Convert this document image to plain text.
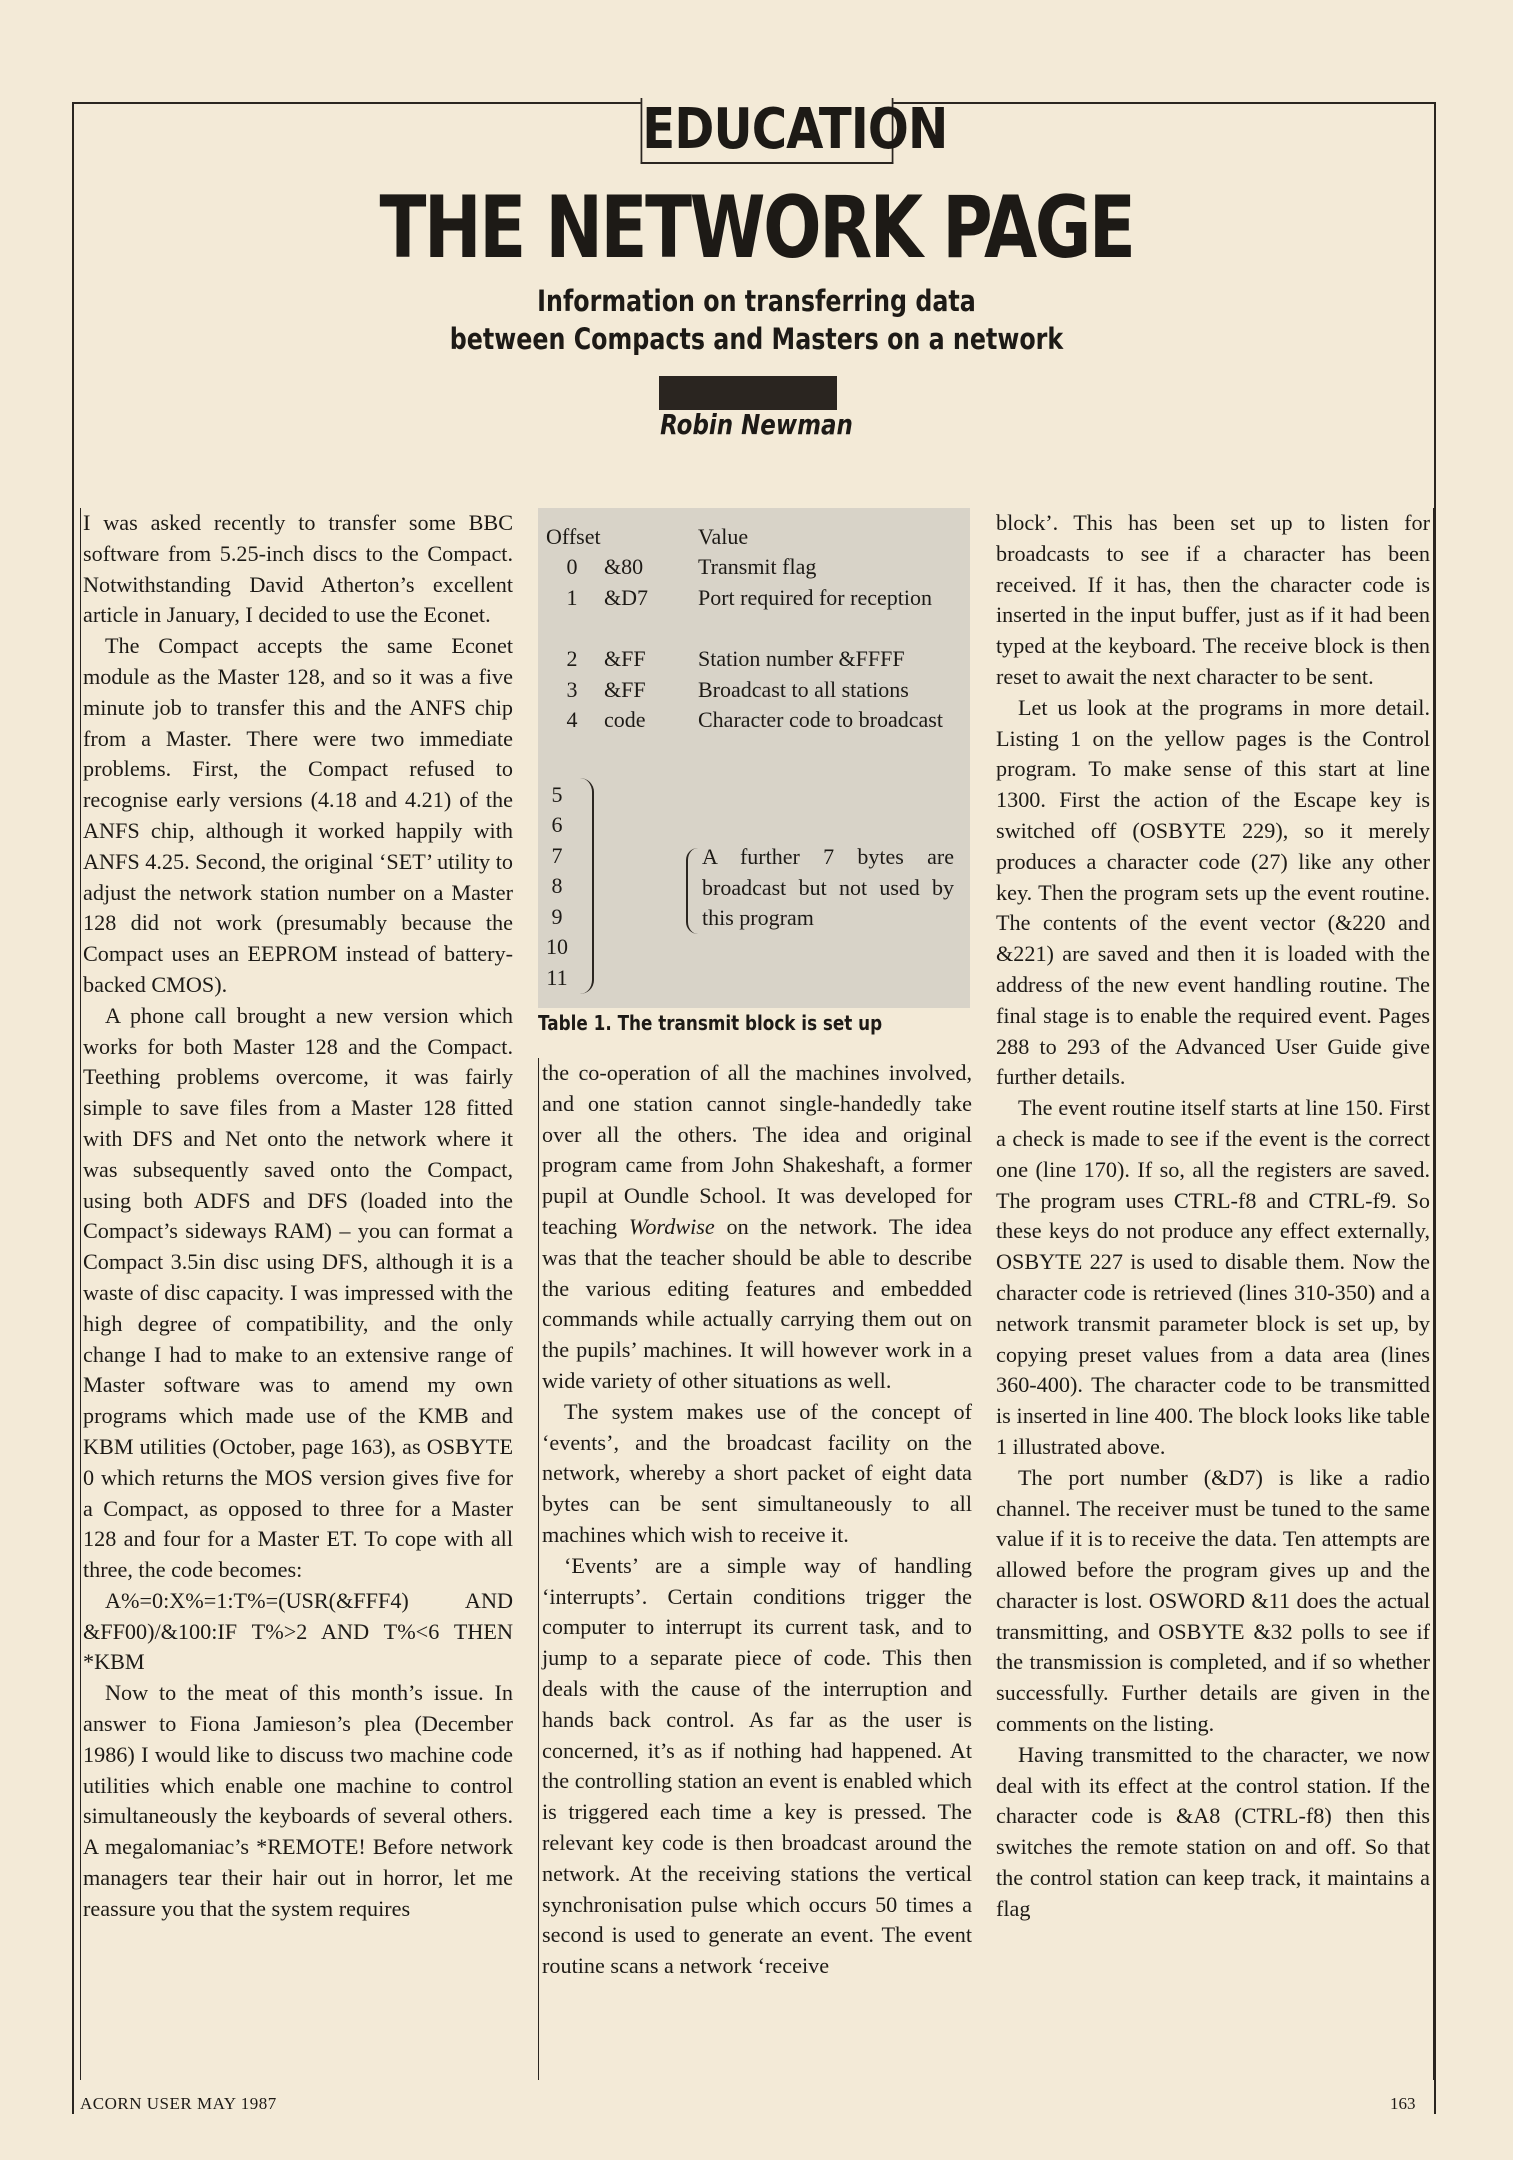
EDUCATION
THE NETWORK PAGE
Information on transferring data
between Compacts and Masters on a network
Robin Newman

I was asked recently to transfer some BBC software from 5.25-inch discs to the Compact. Notwithstanding David Atherton’s excellent article in January, I decided to use the Econet.

The Compact accepts the same Econet module as the Master 128, and so it was a five minute job to transfer this and the ANFS chip from a Master. There were two immediate problems. First, the Compact refused to recognise early versions (4.18 and 4.21) of the ANFS chip, although it worked happily with ANFS 4.25. Second, the original ‘SET’ utility to adjust the network station number on a Master 128 did not work (presumably because the Compact uses an EEPROM instead of battery-backed CMOS).

A phone call brought a new version which works for both Master 128 and the Compact. Teething problems overcome, it was fairly simple to save files from a Master 128 fitted with DFS and Net onto the network where it was subsequently saved onto the Compact, using both ADFS and DFS (loaded into the Compact’s sideways RAM) – you can format a Compact 3.5in disc using DFS, although it is a waste of disc capacity. I was impressed with the high degree of compatibility, and the only change I had to make to an extensive range of Master software was to amend my own programs which made use of the KMB and KBM utilities (October, page 163), as OSBYTE 0 which returns the MOS version gives five for a Compact, as opposed to three for a Master 128 and four for a Master ET. To cope with all three, the code becomes:

A%=0:X%=1:T%=(USR(&FFF4) AND &FF00)/&100:IF T%>2 AND T%<6 THEN *KBM

Now to the meat of this month’s issue. In answer to Fiona Jamieson’s plea (December 1986) I would like to discuss two machine code utilities which enable one machine to control simultaneously the keyboards of several others. A megalomaniac’s *REMOTE! Before network managers tear their hair out in horror, let me reassure you that the system requires

Offset	Value
0	&80	Transmit flag
1	&D7	Port required for reception
2	&FF	Station number &FFFF
3	&FF	Broadcast to all stations
4	code	Character code to broadcast
5
6
7
8
9
10
11
A further 7 bytes are broadcast but not used by this program
Table 1. The transmit block is set up

the co-operation of all the machines involved, and one station cannot single-handedly take over all the others. The idea and original program came from John Shakeshaft, a former pupil at Oundle School. It was developed for teaching Wordwise on the network. The idea was that the teacher should be able to describe the various editing features and embedded commands while actually carrying them out on the pupils’ machines. It will however work in a wide variety of other situations as well.

The system makes use of the concept of ‘events’, and the broadcast facility on the network, whereby a short packet of eight data bytes can be sent simultaneously to all machines which wish to receive it.

‘Events’ are a simple way of handling ‘interrupts’. Certain conditions trigger the computer to interrupt its current task, and to jump to a separate piece of code. This then deals with the cause of the interruption and hands back control. As far as the user is concerned, it’s as if nothing had happened. At the controlling station an event is enabled which is triggered each time a key is pressed. The relevant key code is then broadcast around the network. At the receiving stations the vertical synchronisation pulse which occurs 50 times a second is used to generate an event. The event routine scans a network ‘receive

block’. This has been set up to listen for broadcasts to see if a character has been received. If it has, then the character code is inserted in the input buffer, just as if it had been typed at the keyboard. The receive block is then reset to await the next character to be sent.

Let us look at the programs in more detail. Listing 1 on the yellow pages is the Control program. To make sense of this start at line 1300. First the action of the Escape key is switched off (OSBYTE 229), so it merely produces a character code (27) like any other key. Then the program sets up the event routine. The contents of the event vector (&220 and &221) are saved and then it is loaded with the address of the new event handling routine. The final stage is to enable the required event. Pages 288 to 293 of the Advanced User Guide give further details.

The event routine itself starts at line 150. First a check is made to see if the event is the correct one (line 170). If so, all the registers are saved. The program uses CTRL-f8 and CTRL-f9. So these keys do not produce any effect externally, OSBYTE 227 is used to disable them. Now the character code is retrieved (lines 310-350) and a network transmit parameter block is set up, by copying preset values from a data area (lines 360-400). The character code to be transmitted is inserted in line 400. The block looks like table 1 illustrated above.

The port number (&D7) is like a radio channel. The receiver must be tuned to the same value if it is to receive the data. Ten attempts are allowed before the program gives up and the character is lost. OSWORD &11 does the actual transmitting, and OSBYTE &32 polls to see if the transmission is completed, and if so whether successfully. Further details are given in the comments on the listing.

Having transmitted to the character, we now deal with its effect at the control station. If the character code is &A8 (CTRL-f8) then this switches the remote station on and off. So that the control station can keep track, it maintains a flag

ACORN USER MAY 1987	163
